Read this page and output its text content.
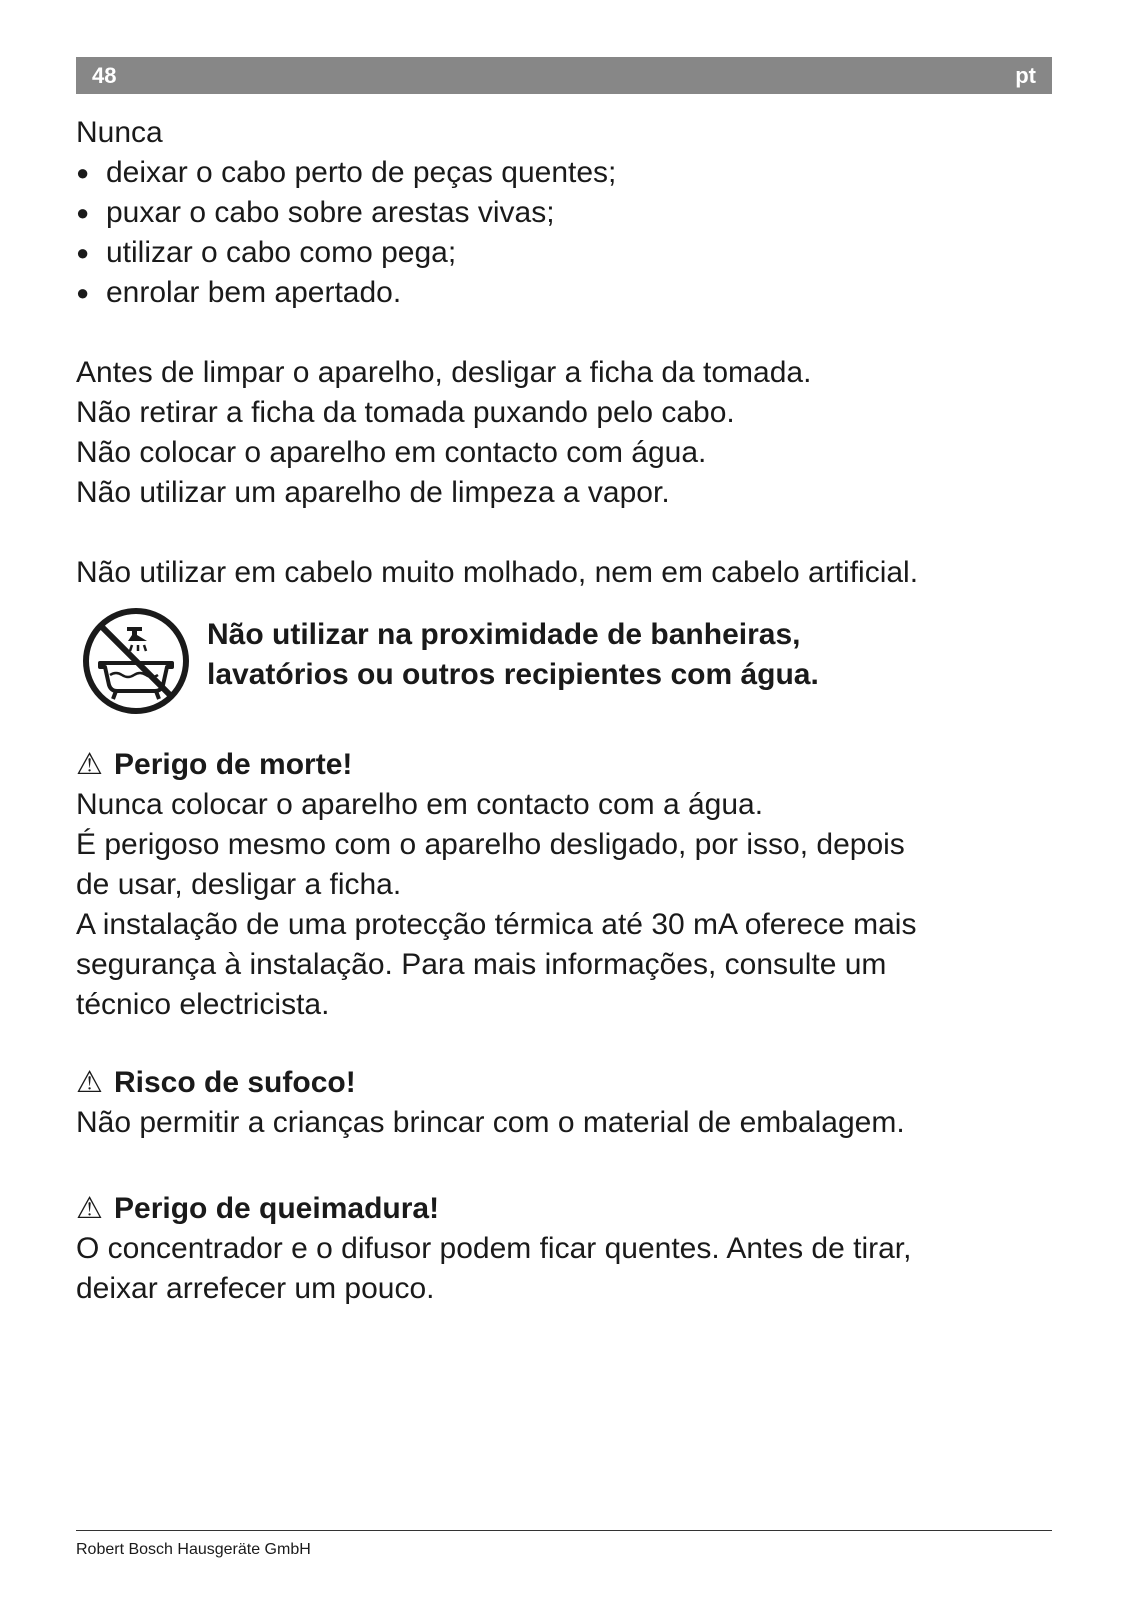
48	pt
Nunca
● deixar o cabo perto de peças quentes;
● puxar o cabo sobre arestas vivas;
● utilizar o cabo como pega;
● enrolar bem apertado.
Antes de limpar o aparelho, desligar a ficha da tomada.
Não retirar a ficha da tomada puxando pelo cabo.
Não colocar o aparelho em contacto com água.
Não utilizar um aparelho de limpeza a vapor.
Não utilizar em cabelo muito molhado, nem em cabelo artificial.
Não utilizar na proximidade de banheiras,
lavatórios ou outros recipientes com água.
⚠ Perigo de morte!
Nunca colocar o aparelho em contacto com a água.
É perigoso mesmo com o aparelho desligado, por isso, depois
de usar, desligar a ficha.
A instalação de uma protecção térmica até 30 mA oferece mais
segurança à instalação. Para mais informações, consulte um
técnico electricista.
⚠ Risco de sufoco!
Não permitir a crianças brincar com o material de embalagem.
⚠ Perigo de queimadura!
O concentrador e o difusor podem ficar quentes. Antes de tirar,
deixar arrefecer um pouco.
Robert Bosch Hausgeräte GmbH
